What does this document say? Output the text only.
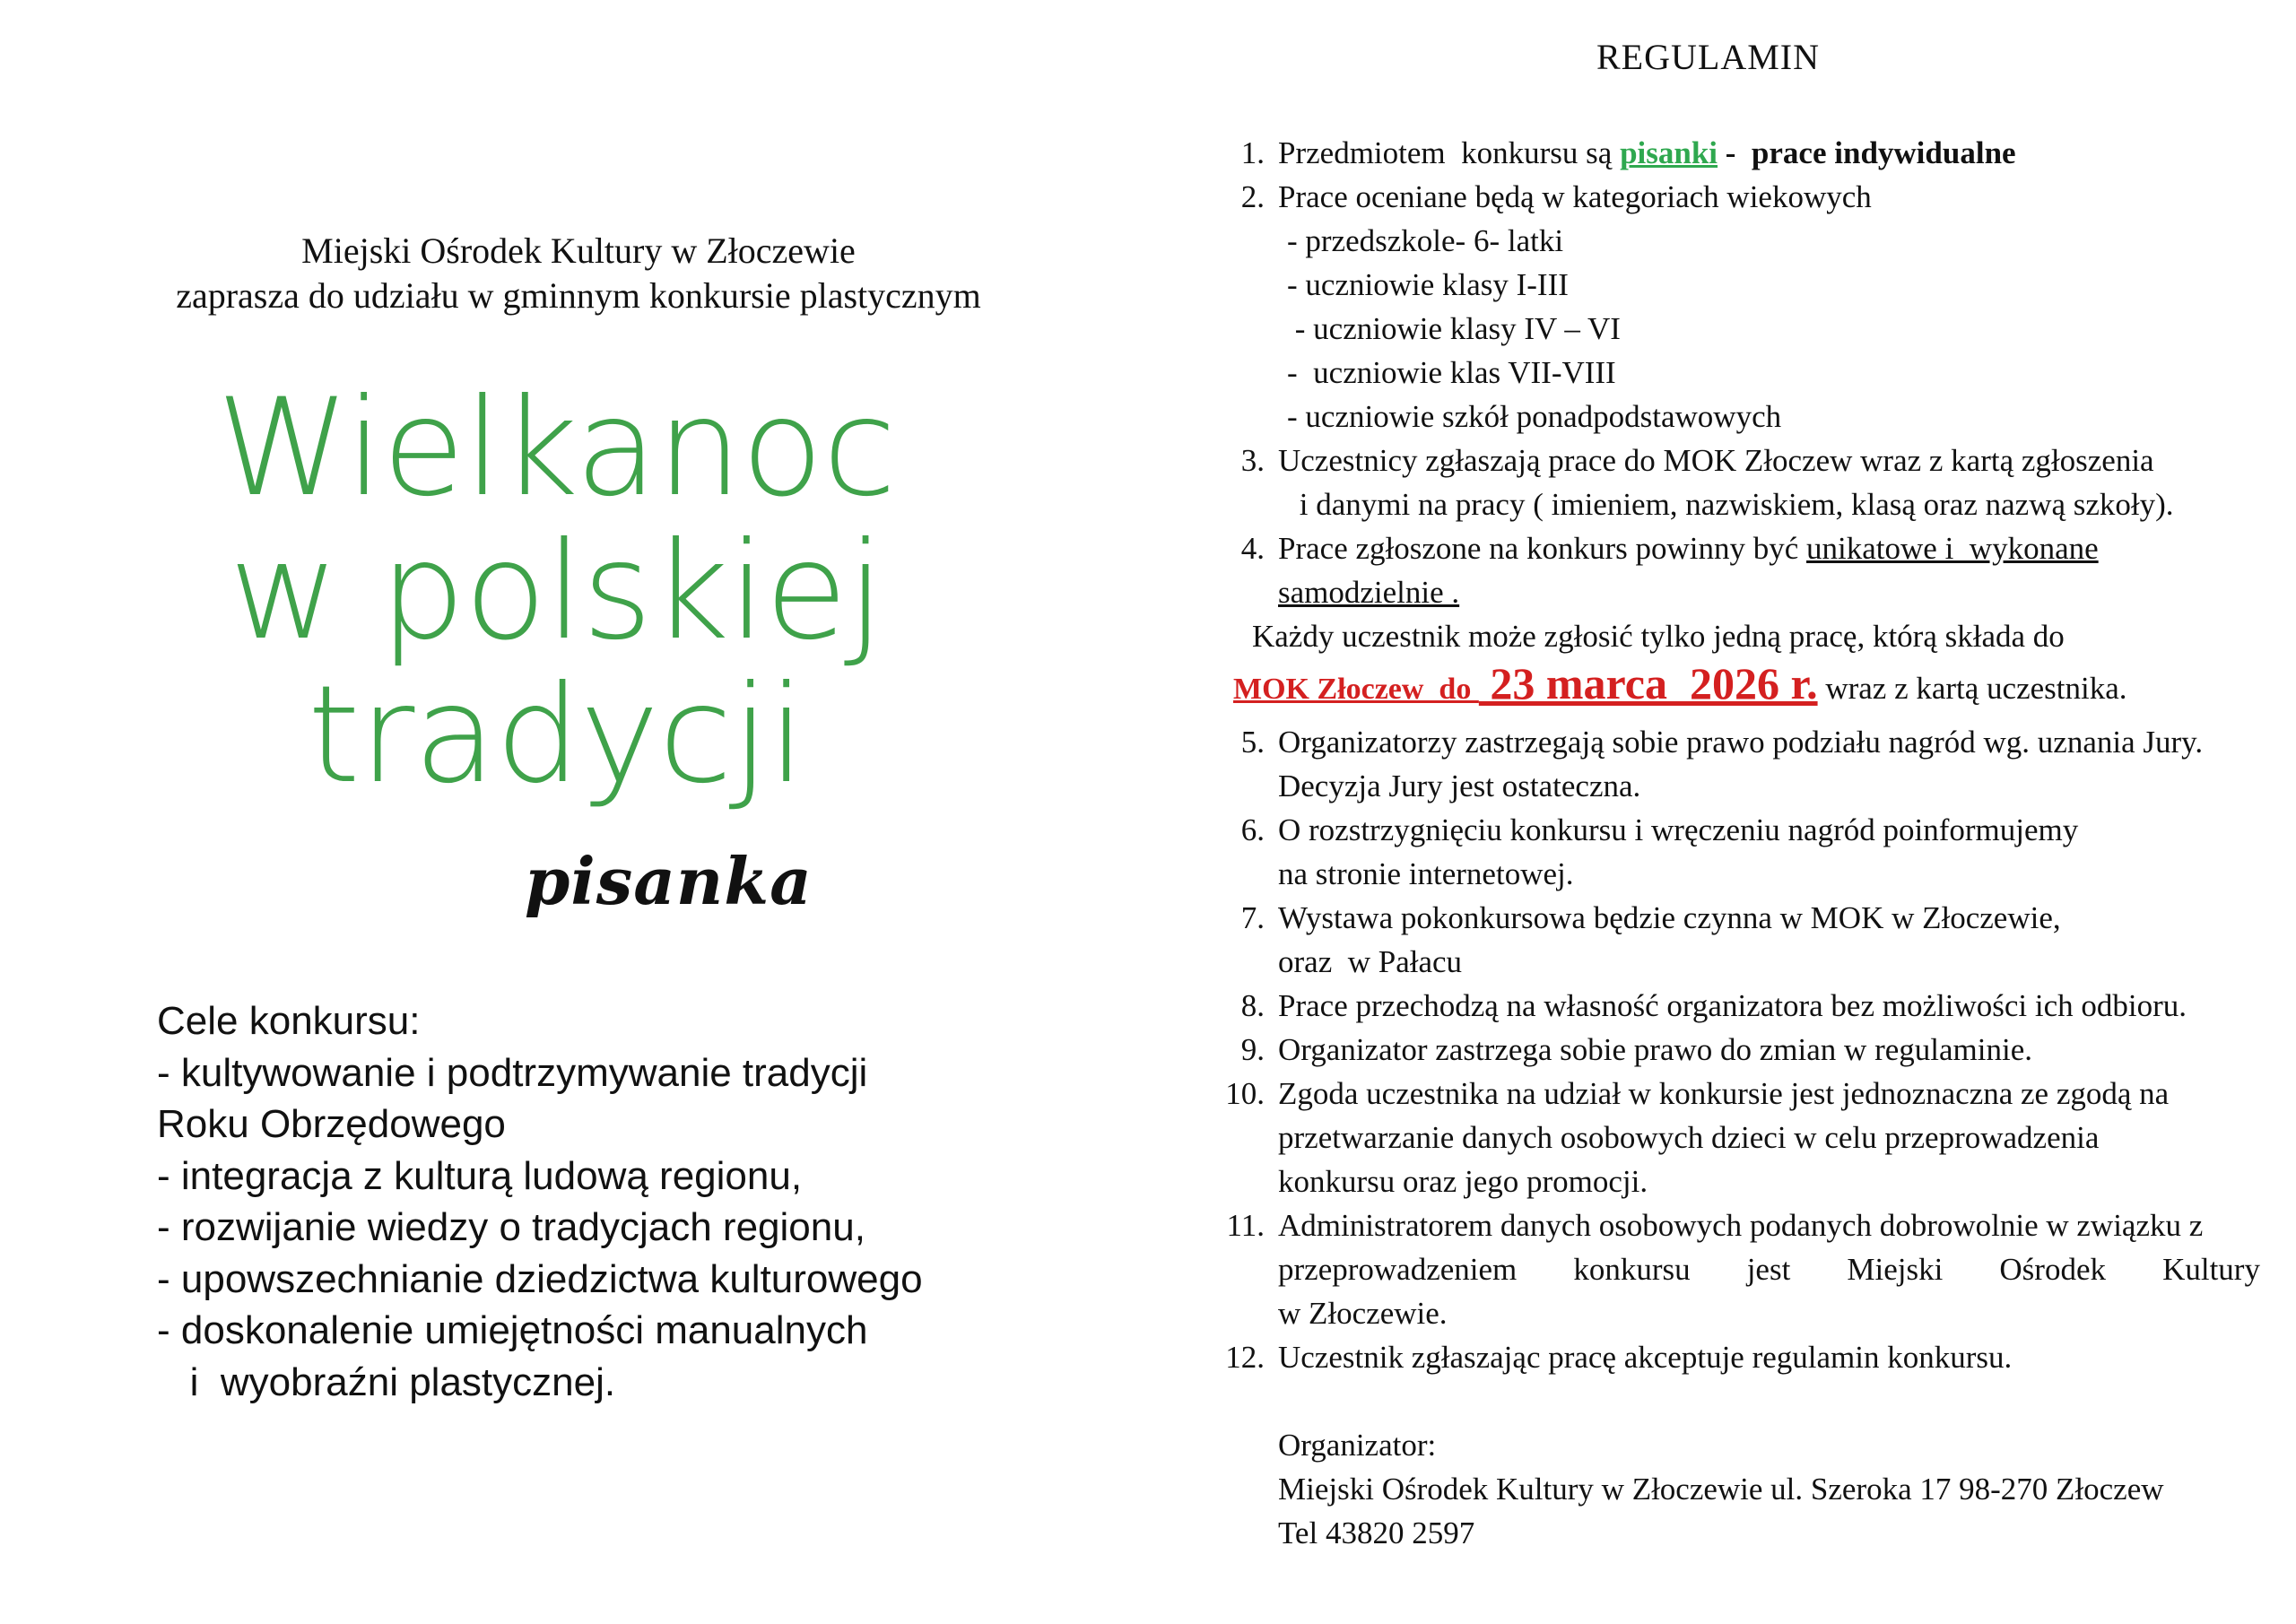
Miejski Ośrodek Kultury w Złoczewie
zaprasza do udziału w gminnym konkursie plastycznym
Wielkanoc
w polskiej
tradycji
pisanka
Cele konkursu:
- kultywowanie i podtrzymywanie tradycji
Roku Obrzędowego
- integracja z kulturą ludową regionu,
- rozwijanie wiedzy o tradycjach regionu,
- upowszechnianie dziedzictwa kulturowego
- doskonalenie umiejętności manualnych
i  wyobraźni plastycznej.
REGULAMIN
1. Przedmiotem  konkursu są pisanki -  prace indywidualne
2. Prace oceniane będą w kategoriach wiekowych
- przedszkole- 6- latki
- uczniowie klasy I-III
- uczniowie klasy IV – VI
-  uczniowie klas VII-VIII
- uczniowie szkół ponadpodstawowych
3. Uczestnicy zgłaszają prace do MOK Złoczew wraz z kartą zgłoszenia
i danymi na pracy ( imieniem, nazwiskiem, klasą oraz nazwą szkoły).
4. Prace zgłoszone na konkurs powinny być unikatowe i  wykonane
samodzielnie .
Każdy uczestnik może zgłosić tylko jedną pracę, którą składa do
MOK Złoczew  do  23 marca  2026 r. wraz z kartą uczestnika.
5. Organizatorzy zastrzegają sobie prawo podziału nagród wg. uznania Jury.
Decyzja Jury jest ostateczna.
6. O rozstrzygnięciu konkursu i wręczeniu nagród poinformujemy
na stronie internetowej.
7. Wystawa pokonkursowa będzie czynna w MOK w Złoczewie,
oraz  w Pałacu
8. Prace przechodzą na własność organizatora bez możliwości ich odbioru.
9. Organizator zastrzega sobie prawo do zmian w regulaminie.
10. Zgoda uczestnika na udział w konkursie jest jednoznaczna ze zgodą na
przetwarzanie danych osobowych dzieci w celu przeprowadzenia
konkursu oraz jego promocji.
11. Administratorem danych osobowych podanych dobrowolnie w związku z
przeprowadzeniem konkursu jest Miejski Ośrodek Kultury
w Złoczewie.
12. Uczestnik zgłaszając pracę akceptuje regulamin konkursu.
Organizator:
Miejski Ośrodek Kultury w Złoczewie ul. Szeroka 17 98-270 Złoczew
Tel 43820 2597
